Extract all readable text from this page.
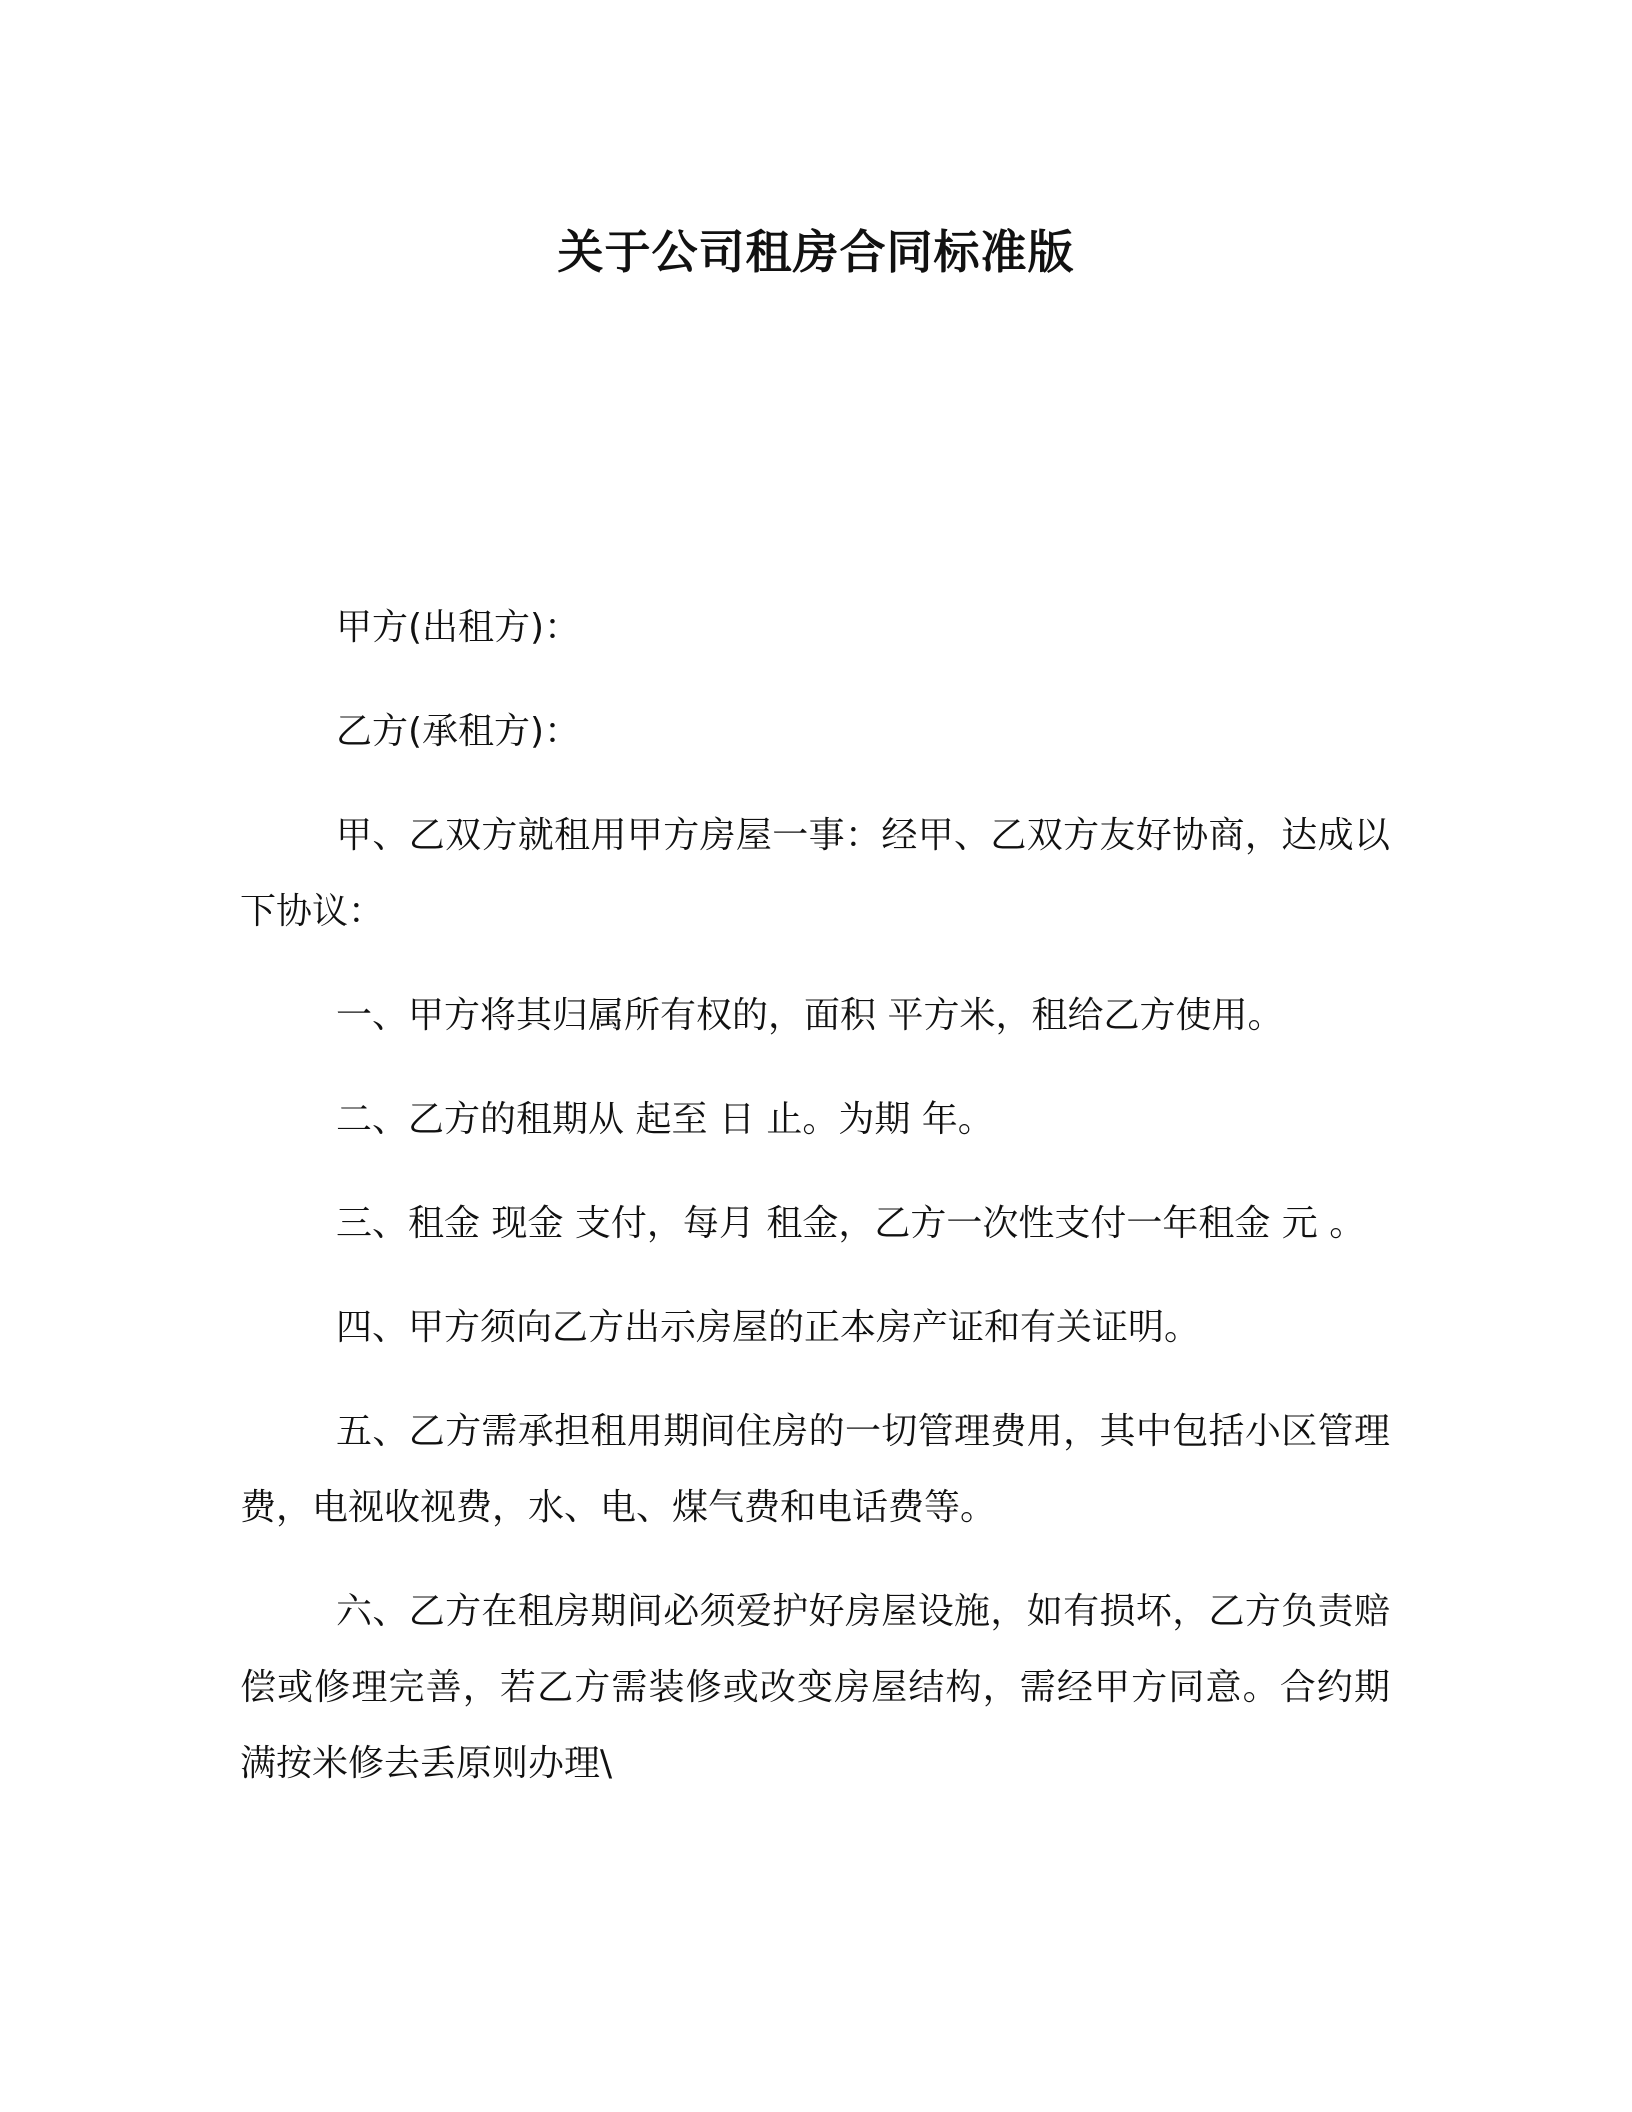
关于公司租房合同标准版

甲方(出租方)：

乙方(承租方)：

甲、乙双方就租用甲方房屋一事：经甲、乙双方友好协商，达成以下协议：

一、甲方将其归属所有权的，面积 平方米，租给乙方使用。

二、乙方的租期从 起至 日 止。为期 年。

三、租金 现金 支付，每月 租金，乙方一次性支付一年租金 元 。

四、甲方须向乙方出示房屋的正本房产证和有关证明。

五、乙方需承担租用期间住房的一切管理费用，其中包括小区管理费，电视收视费，水、电、煤气费和电话费等。

六、乙方在租房期间必须爱护好房屋设施，如有损坏，乙方负责赔偿或修理完善，若乙方需装修或改变房屋结构，需经甲方同意。合约期满按米修去丢原则办理\
